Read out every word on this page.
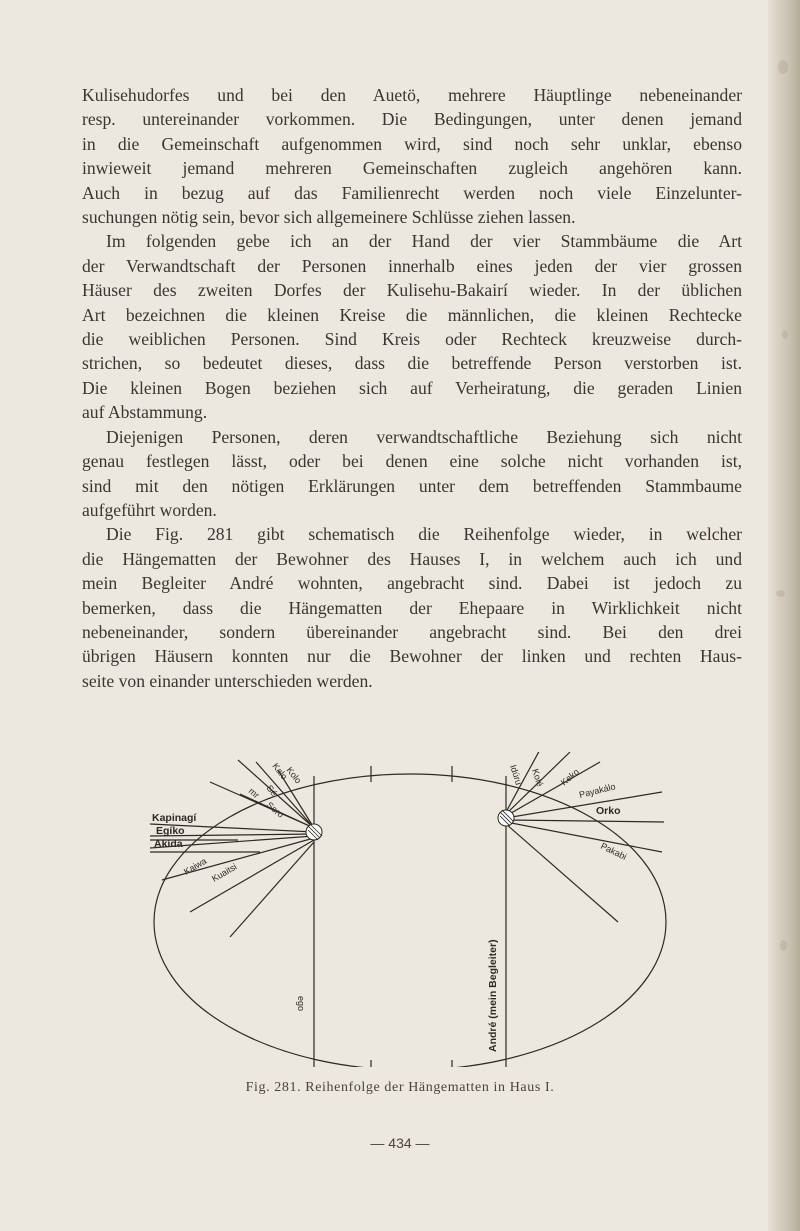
Kulisehudorfes und bei den Auetö, mehrere Häuptlinge nebeneinander
resp. untereinander vorkommen. Die Bedingungen, unter denen jemand
in die Gemeinschaft aufgenommen wird, sind noch sehr unklar, ebenso
inwieweit jemand mehreren Gemeinschaften zugleich angehören kann.
Auch in bezug auf das Familienrecht werden noch viele Einzelunter-
suchungen nötig sein, bevor sich allgemeinere Schlüsse ziehen lassen.
Im folgenden gebe ich an der Hand der vier Stammbäume die Art
der Verwandtschaft der Personen innerhalb eines jeden der vier grossen
Häuser des zweiten Dorfes der Kulisehu-Bakairí wieder. In der üblichen
Art bezeichnen die kleinen Kreise die männlichen, die kleinen Rechtecke
die weiblichen Personen. Sind Kreis oder Rechteck kreuzweise durch-
strichen, so bedeutet dieses, dass die betreffende Person verstorben ist.
Die kleinen Bogen beziehen sich auf Verheiratung, die geraden Linien
auf Abstammung.
Diejenigen Personen, deren verwandtschaftliche Beziehung sich nicht
genau festlegen lässt, oder bei denen eine solche nicht vorhanden ist,
sind mit den nötigen Erklärungen unter dem betreffenden Stammbaume
aufgeführt worden.
Die Fig. 281 gibt schematisch die Reihenfolge wieder, in welcher
die Hängematten der Bewohner des Hauses I, in welchem auch ich und
mein Begleiter André wohnten, angebracht sind. Dabei ist jedoch zu
bemerken, dass die Hängematten der Ehepaare in Wirklichkeit nicht
nebeneinander, sondern übereinander angebracht sind. Bei den drei
übrigen Häusern konnten nur die Bewohner der linken und rechten Haus-
seite von einander unterschieden werden.
Kapinagí
Egíko
Akída
Sé
Kalo
Kolo
mr
Soro
Kaiwa Kuaitsi
ego	André (mein Begleiter)
Orko
Idúru Kolé Keko
Payakálo
Pakabi
Fig. 281. Reihenfolge der Hängematten in Haus I.
— 434 —
